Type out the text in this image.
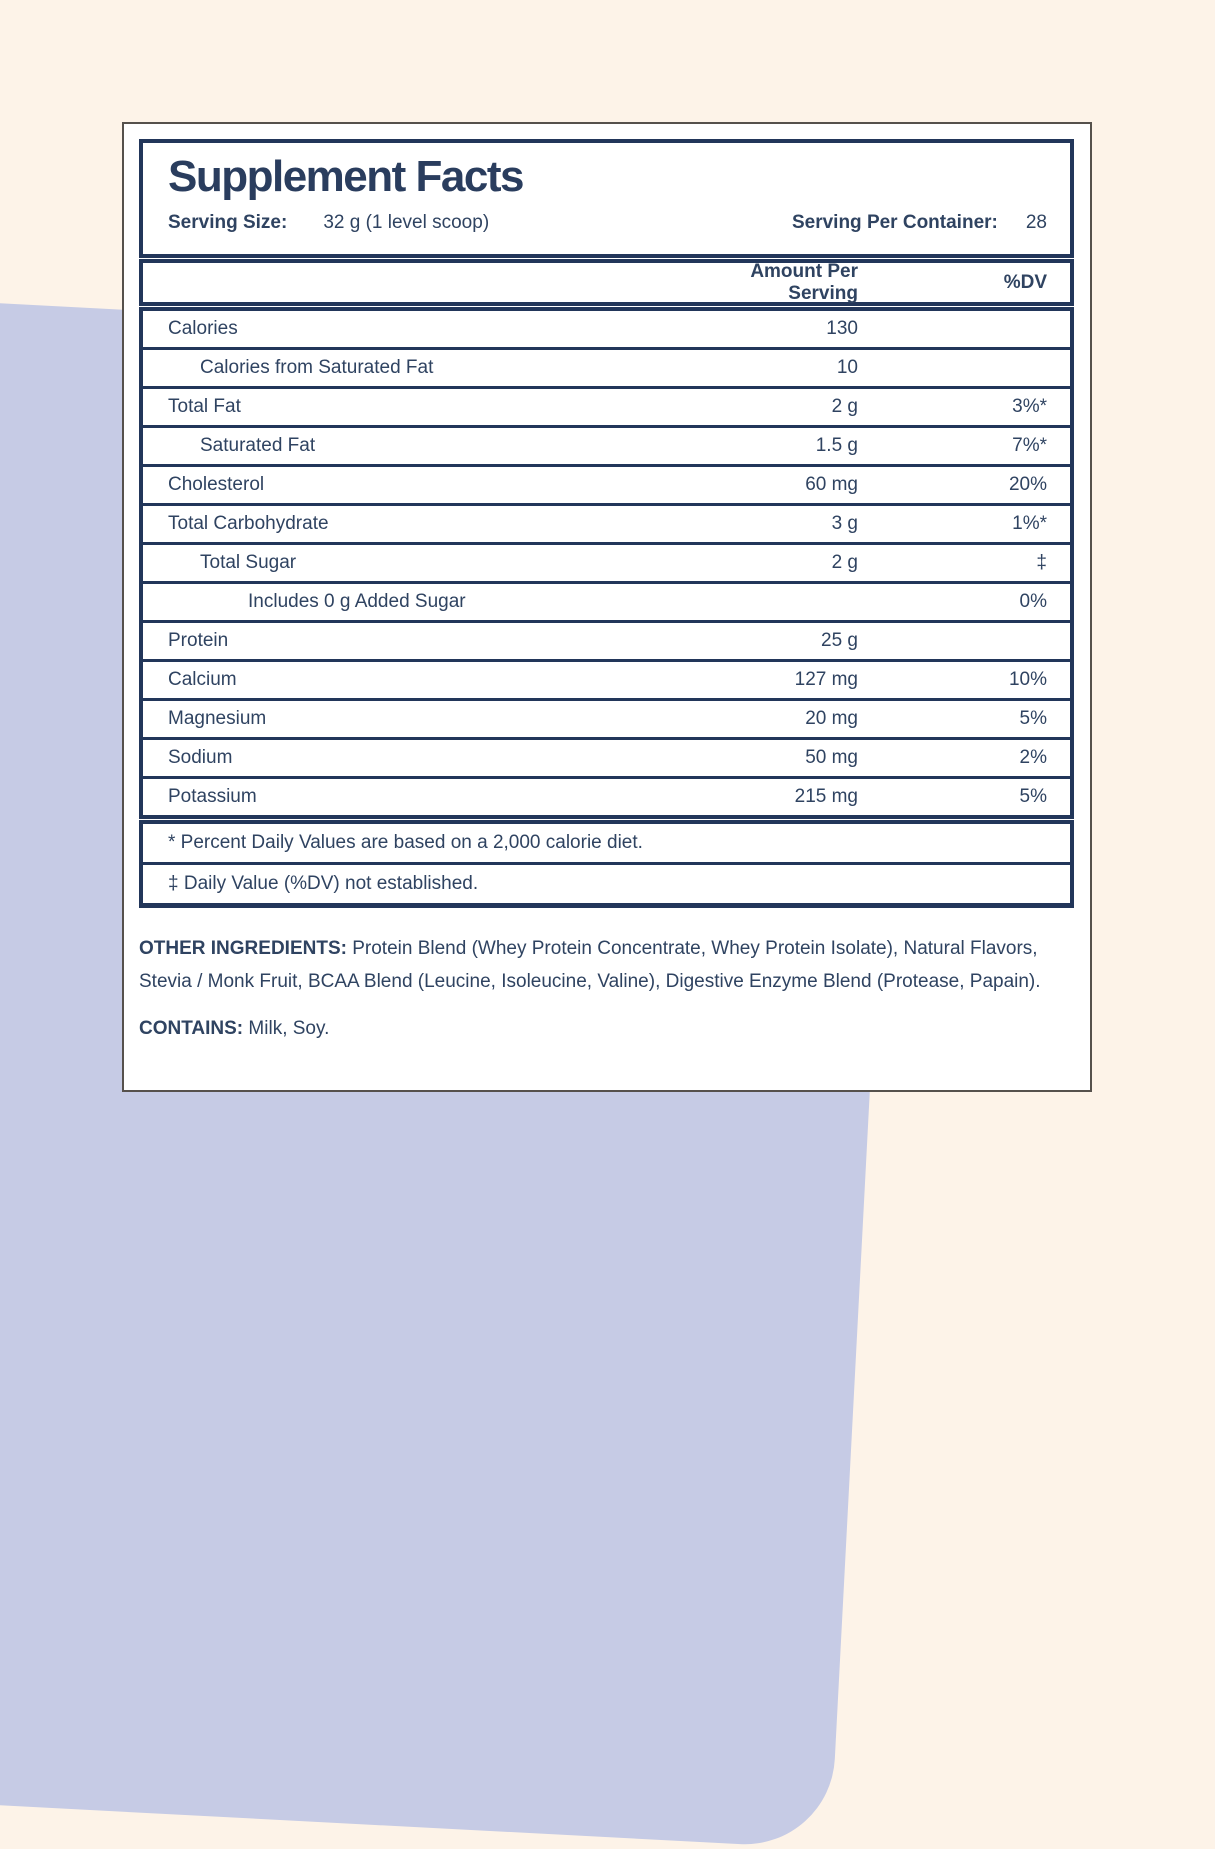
Supplement Facts
Serving Size: 32 g (1 level scoop)	Serving Per Container: 28
Amount Per Serving
%DV
Calories	130
Calories from Saturated Fat	10
Total Fat	2 g	3%*
Saturated Fat	1.5 g	7%*
Cholesterol	60 mg	20%
Total Carbohydrate	3 g	1%*
Total Sugar	2 g	‡
Includes 0 g Added Sugar	0%
Protein	25 g
Calcium	127 mg	10%
Magnesium	20 mg	5%
Sodium	50 mg	2%
Potassium	215 mg	5%
* Percent Daily Values are based on a 2,000 calorie diet.
‡ Daily Value (%DV) not established.
OTHER INGREDIENTS: Protein Blend (Whey Protein Concentrate, Whey Protein Isolate), Natural Flavors, Stevia / Monk Fruit, BCAA Blend (Leucine, Isoleucine, Valine), Digestive Enzyme Blend (Protease, Papain).
CONTAINS: Milk, Soy.
